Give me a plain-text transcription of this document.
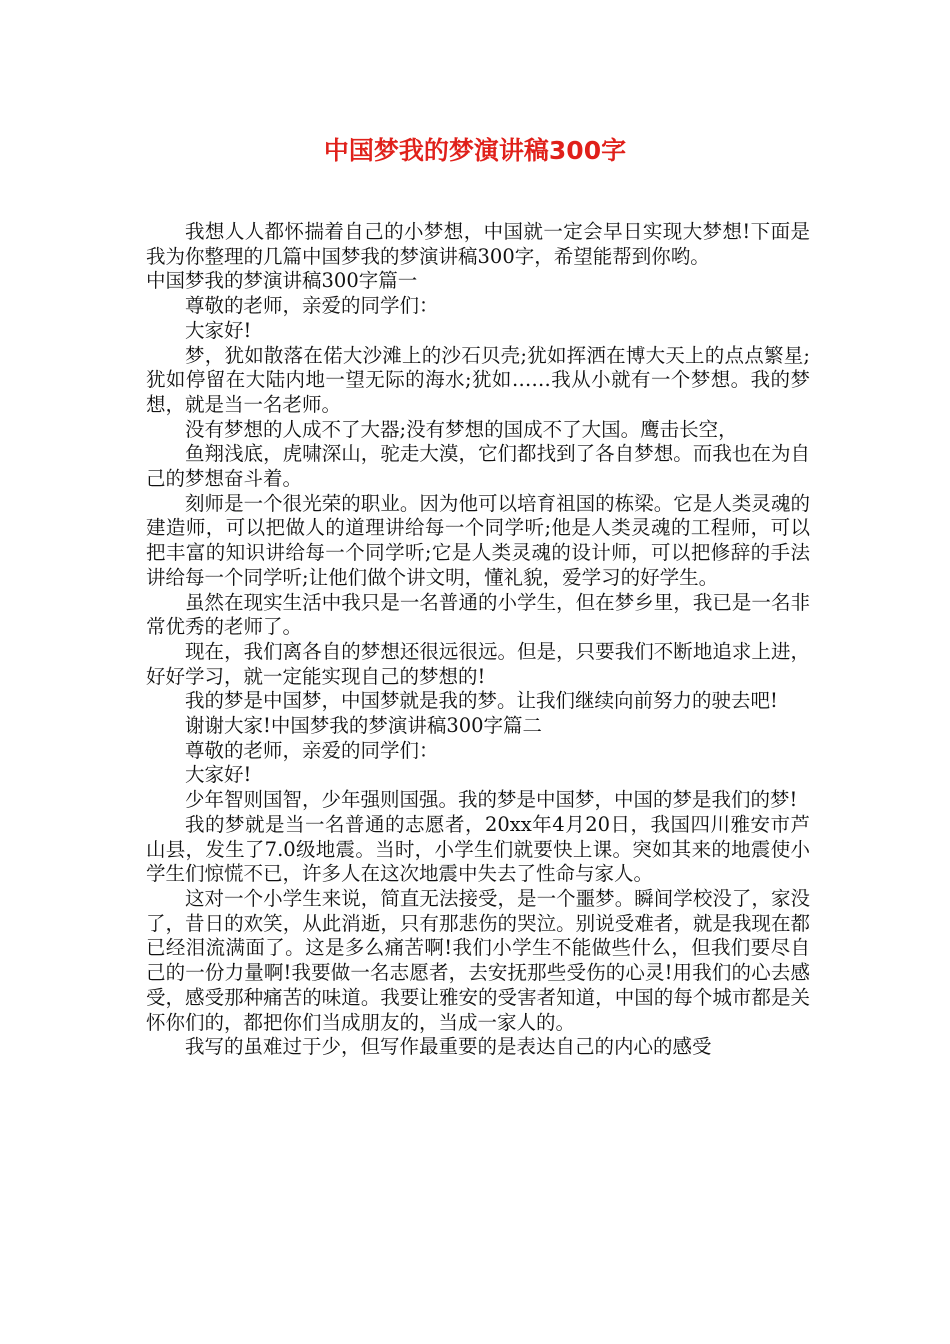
中国梦我的梦演讲稿300字

我想人人都怀揣着自己的小梦想，中国就一定会早日实现大梦想!下面是我为你整理的几篇中国梦我的梦演讲稿300字，希望能帮到你哟。

中国梦我的梦演讲稿300字篇一

尊敬的老师，亲爱的同学们：

大家好!

梦，犹如散落在偌大沙滩上的沙石贝壳;犹如挥洒在博大天上的点点繁星;犹如停留在大陆内地一望无际的海水;犹如……我从小就有一个梦想。我的梦想，就是当一名老师。

没有梦想的人成不了大器;没有梦想的国成不了大国。鹰击长空，

鱼翔浅底，虎啸深山，驼走大漠，它们都找到了各自梦想。而我也在为自己的梦想奋斗着。

刻师是一个很光荣的职业。因为他可以培育祖国的栋梁。它是人类灵魂的建造师，可以把做人的道理讲给每一个同学听;他是人类灵魂的工程师，可以把丰富的知识讲给每一个同学听;它是人类灵魂的设计师，可以把修辞的手法讲给每一个同学听;让他们做个讲文明，懂礼貌，爱学习的好学生。

虽然在现实生活中我只是一名普通的小学生，但在梦乡里，我已是一名非常优秀的老师了。

现在，我们离各自的梦想还很远很远。但是，只要我们不断地追求上进，好好学习，就一定能实现自己的梦想的!

我的梦是中国梦，中国梦就是我的梦。让我们继续向前努力的驶去吧!

谢谢大家!中国梦我的梦演讲稿300字篇二

尊敬的老师，亲爱的同学们：

大家好!

少年智则国智，少年强则国强。我的梦是中国梦，中国的梦是我们的梦!

我的梦就是当一名普通的志愿者，20xx年4月20日，我国四川雅安市芦山县，发生了7.0级地震。当时，小学生们就要快上课。突如其来的地震使小学生们惊慌不已，许多人在这次地震中失去了性命与家人。

这对一个小学生来说，简直无法接受，是一个噩梦。瞬间学校没了，家没了，昔日的欢笑，从此消逝，只有那悲伤的哭泣。别说受难者，就是我现在都已经泪流满面了。这是多么痛苦啊!我们小学生不能做些什么，但我们要尽自己的一份力量啊!我要做一名志愿者，去安抚那些受伤的心灵!用我们的心去感受，感受那种痛苦的味道。我要让雅安的受害者知道，中国的每个城市都是关怀你们的，都把你们当成朋友的，当成一家人的。

我写的虽难过于少，但写作最重要的是表达自己的内心的感受
